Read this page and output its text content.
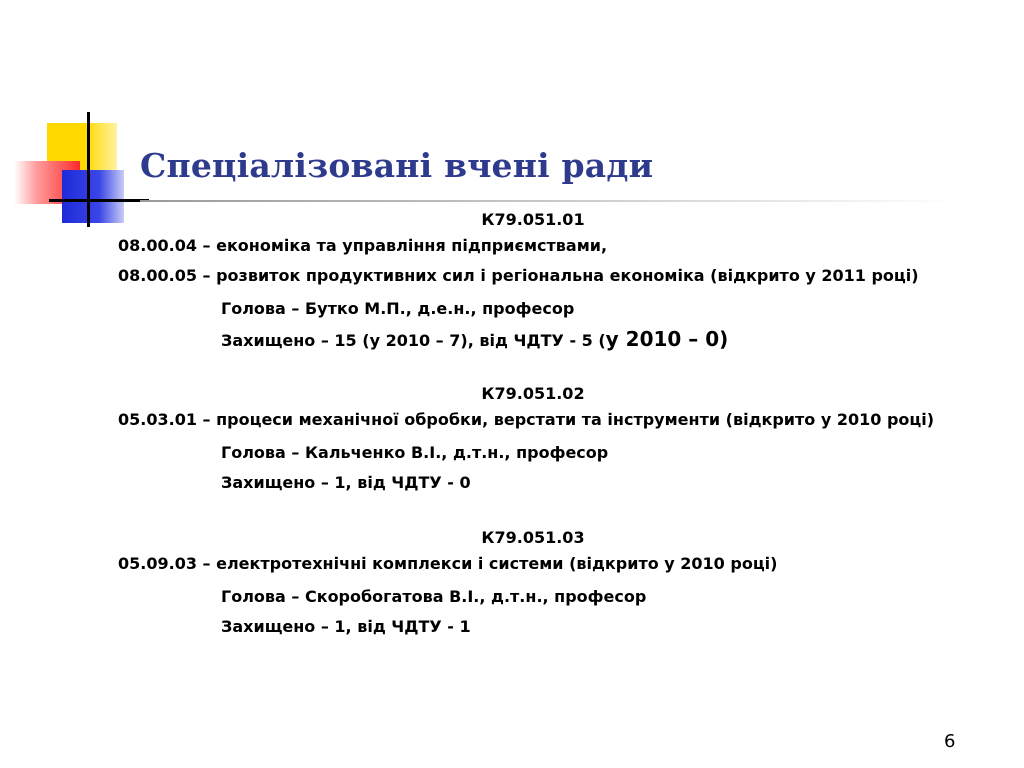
Спеціалізовані вчені ради
К79.051.01

08.00.04 – економіка та управління підприємствами,

08.00.05 – розвиток продуктивних сил і регіональна економіка (відкрито у 2011 році)

Голова – Бутко М.П., д.е.н., професор
Захищено – 15 (у 2010 – 7), від ЧДТУ - 5 (у 2010 – 0)
К79.051.02

05.03.01 – процеси механічної обробки, верстати та інструменти (відкрито у 2010 році)

Голова – Кальченко В.І., д.т.н., професор
Захищено – 1, від ЧДТУ - 0
К79.051.03

05.09.03 – електротехнічні комплекси і системи (відкрито у 2010 році)

Голова – Скоробогатова В.І., д.т.н., професор
Захищено – 1, від ЧДТУ - 1
6
